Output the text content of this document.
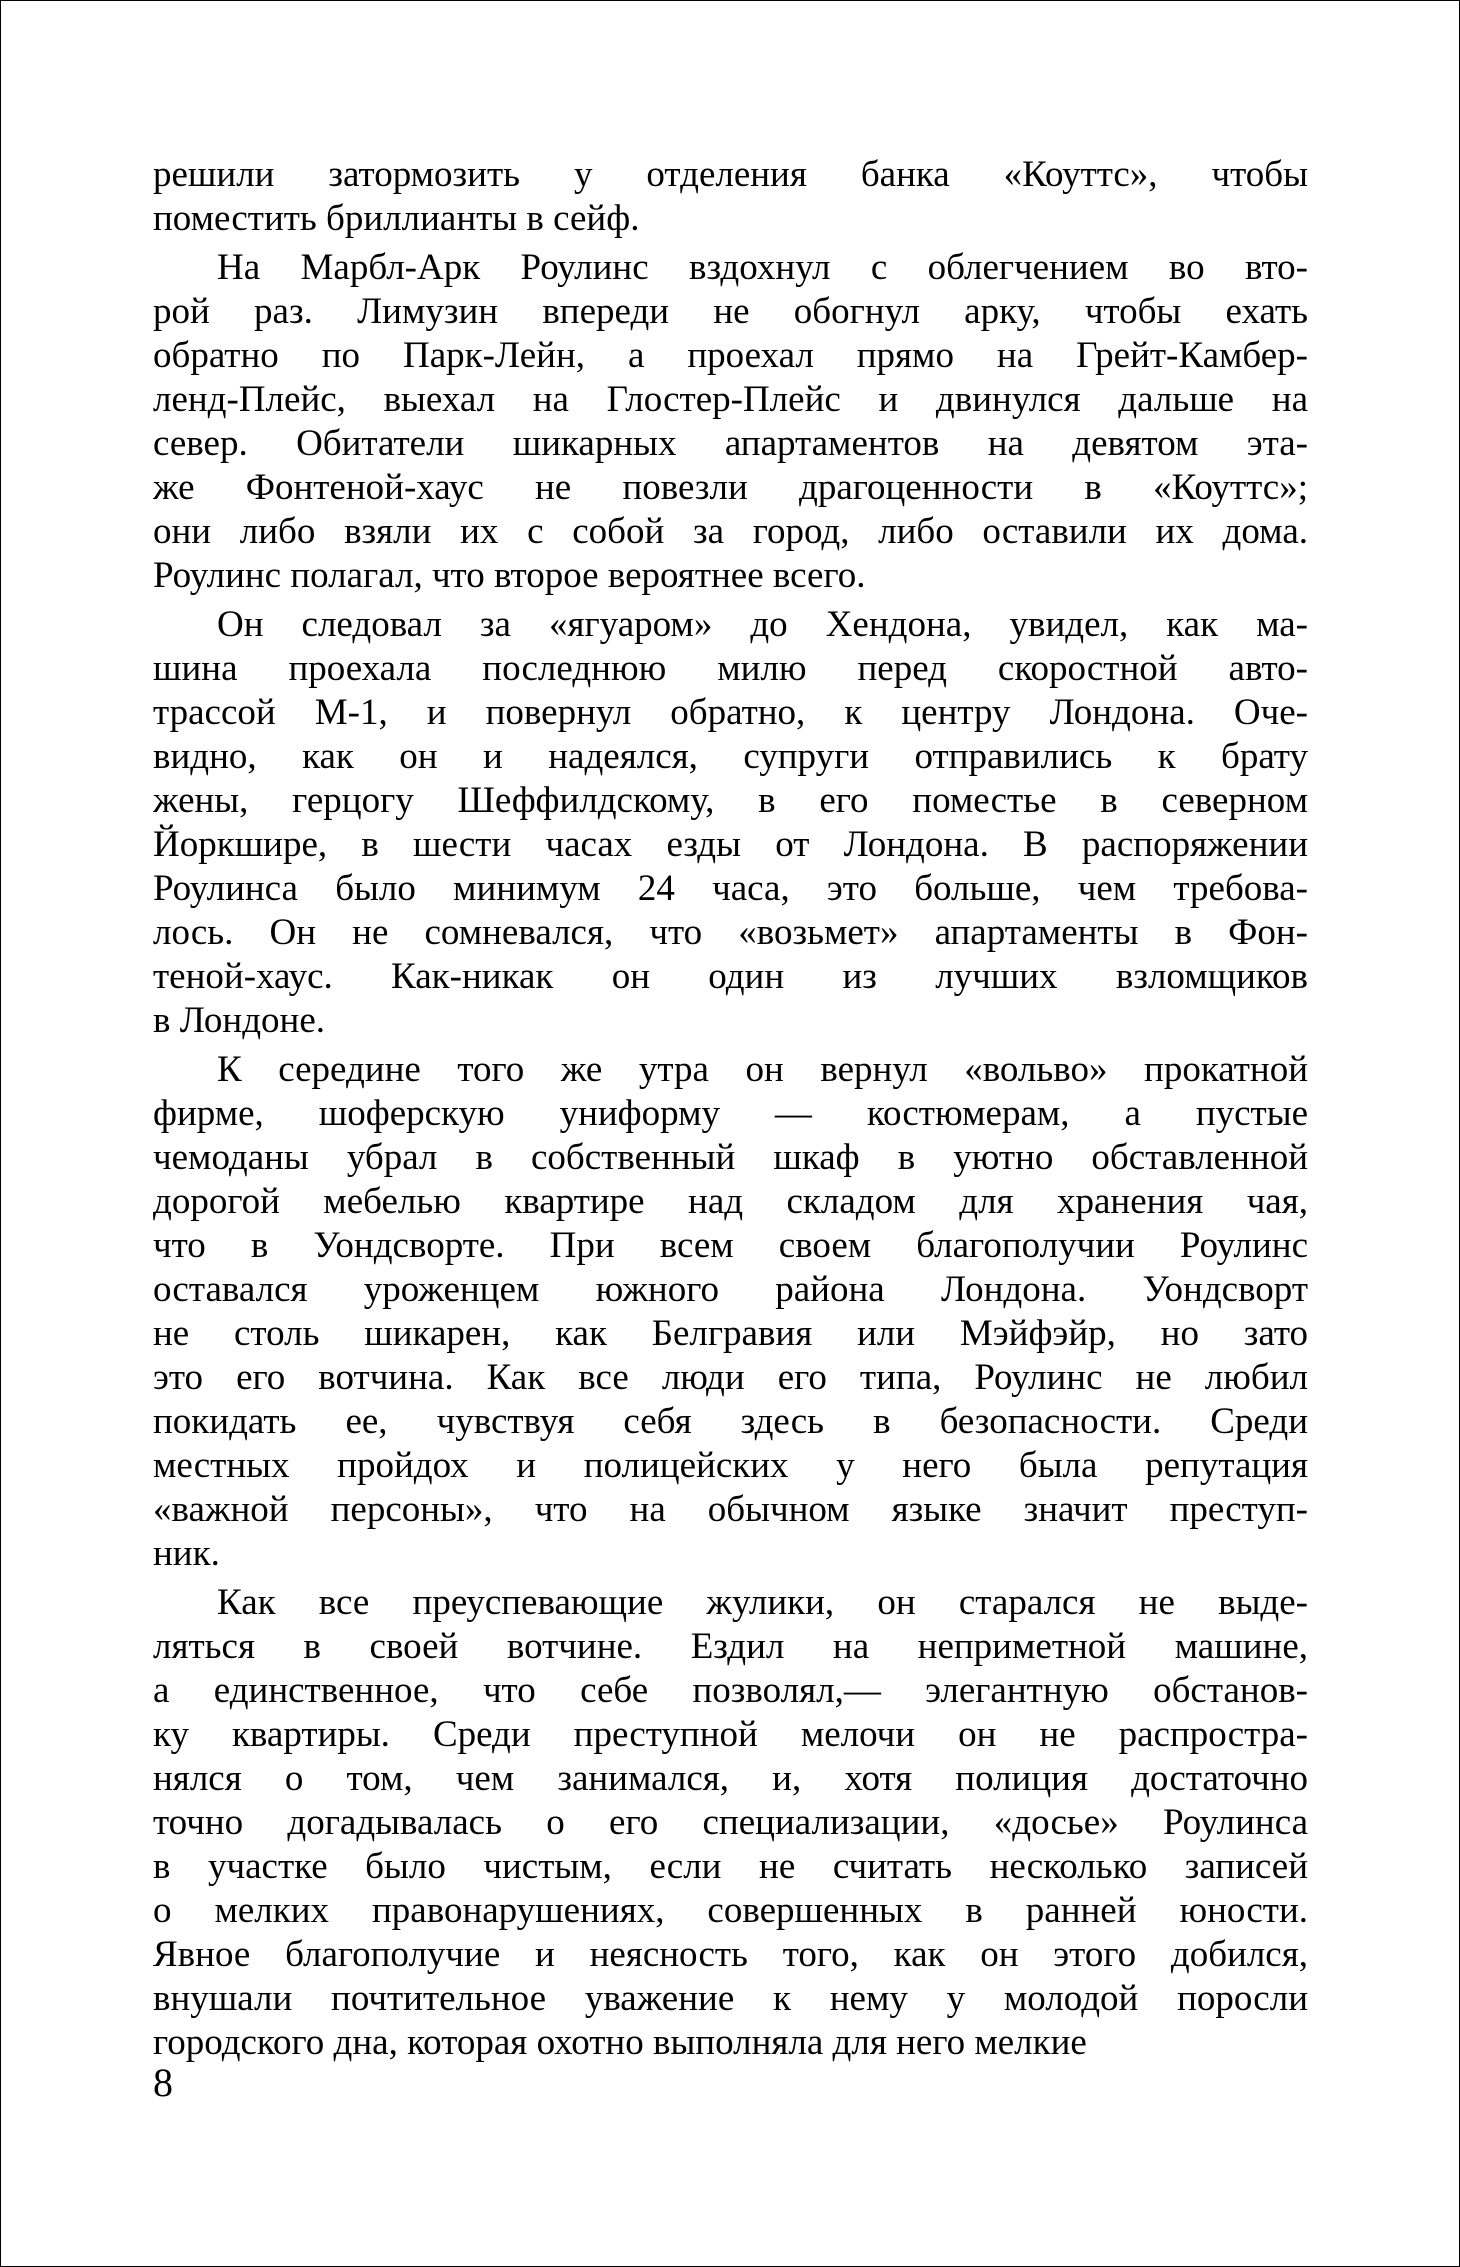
решили затормозить у отделения банка «Коуттс», чтобы
поместить бриллианты в сейф.
На Марбл-Арк Роулинс вздохнул с облегчением во вто-
рой раз. Лимузин впереди не обогнул арку, чтобы ехать
обратно по Парк-Лейн, а проехал прямо на Грейт-Камбер-
ленд-Плейс, выехал на Глостер-Плейс и двинулся дальше на
север. Обитатели шикарных апартаментов на девятом эта-
же Фонтеной-хаус не повезли драгоценности в «Коуттс»;
они либо взяли их с собой за город, либо оставили их дома.
Роулинс полагал, что второе вероятнее всего.
Он следовал за «ягуаром» до Хендона, увидел, как ма-
шина проехала последнюю милю перед скоростной авто-
трассой М-1, и повернул обратно, к центру Лондона. Оче-
видно, как он и надеялся, супруги отправились к брату
жены, герцогу Шеффилдскому, в его поместье в северном
Йоркшире, в шести часах езды от Лондона. В распоряжении
Роулинса было минимум 24 часа, это больше, чем требова-
лось. Он не сомневался, что «возьмет» апартаменты в Фон-
теной-хаус. Как-никак он один из лучших взломщиков
в Лондоне.
К середине того же утра он вернул «вольво» прокатной
фирме, шоферскую униформу — костюмерам, а пустые
чемоданы убрал в собственный шкаф в уютно обставленной
дорогой мебелью квартире над складом для хранения чая,
что в Уондсворте. При всем своем благополучии Роулинс
оставался уроженцем южного района Лондона. Уондсворт
не столь шикарен, как Белгравия или Мэйфэйр, но зато
это его вотчина. Как все люди его типа, Роулинс не любил
покидать ее, чувствуя себя здесь в безопасности. Среди
местных пройдох и полицейских у него была репутация
«важной персоны», что на обычном языке значит преступ-
ник.
Как все преуспевающие жулики, он старался не выде-
ляться в своей вотчине. Ездил на неприметной машине,
а единственное, что себе позволял,— элегантную обстанов-
ку квартиры. Среди преступной мелочи он не распростра-
нялся о том, чем занимался, и, хотя полиция достаточно
точно догадывалась о его специализации, «досье» Роулинса
в участке было чистым, если не считать несколько записей
о мелких правонарушениях, совершенных в ранней юности.
Явное благополучие и неясность того, как он этого добился,
внушали почтительное уважение к нему у молодой поросли
городского дна, которая охотно выполняла для него мелкие
8
